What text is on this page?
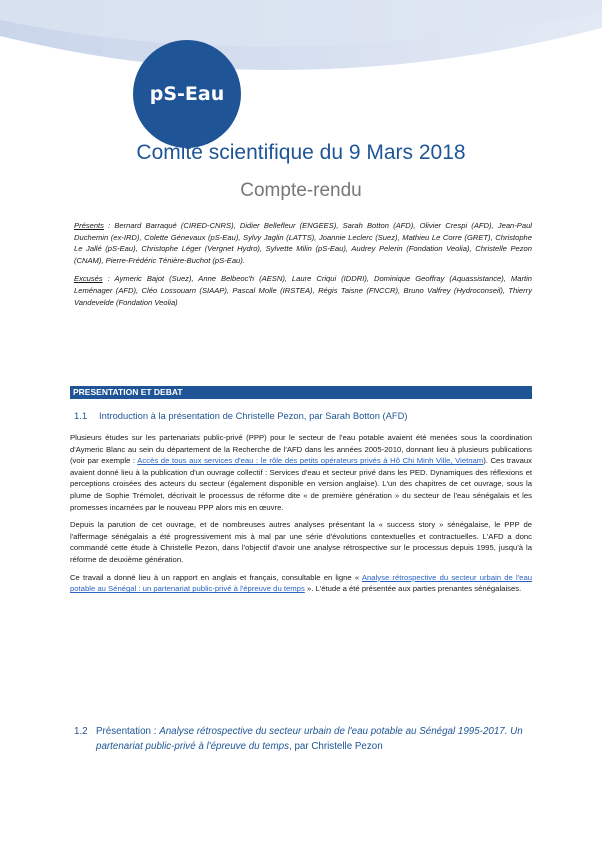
pS-Eau
Comité scientifique du 9 Mars 2018
Compte-rendu

Présents : Bernard Barraqué (CIRED-CNRS), Didier Bellefleur (ENGEES), Sarah Botton (AFD), Olivier Crespi (AFD), Jean-Paul Duchemin (ex-IRD), Colette Génevaux (pS-Eau), Sylvy Jaglin (LATTS), Joannie Leclerc (Suez), Mathieu Le Corre (GRET), Christophe Le Jallé (pS-Eau), Christophe Léger (Vergnet Hydro), Sylvette Milin (pS-Eau), Audrey Pelerin (Fondation Veolia), Christelle Pezon (CNAM), Pierre-Frédéric Ténière-Buchot (pS-Eau).

Excusés : Aymeric Bajot (Suez), Anne Belbeoc'h (AESN), Laure Criqui (IDDRI), Dominique Geoffray (Aquassistance), Martin Leménager (AFD), Cléo Lossouarn (SIAAP), Pascal Molle (IRSTEA), Régis Taisne (FNCCR), Bruno Valfrey (Hydroconseil), Thierry Vandevelde (Fondation Veolia)

PRESENTATION ET DEBAT
1.1 Introduction à la présentation de Christelle Pezon, par Sarah Botton (AFD)

Plusieurs études sur les partenariats public-privé (PPP) pour le secteur de l'eau potable avaient été menées sous la coordination d'Aymeric Blanc au sein du département de la Recherche de l'AFD dans les années 2005-2010, donnant lieu à plusieurs publications (voir par exemple : Accès de tous aux services d'eau : le rôle des petits opérateurs privés à Hô Chi Minh Ville, Vietnam). Ces travaux avaient donné lieu à la publication d'un ouvrage collectif : Services d'eau et secteur privé dans les PED. Dynamiques des réflexions et perceptions croisées des acteurs du secteur (également disponible en version anglaise). L'un des chapitres de cet ouvrage, sous la plume de Sophie Trémolet, décrivait le processus de réforme dite « de première génération » du secteur de l'eau sénégalais et les promesses incarnées par le nouveau PPP alors mis en œuvre.

Depuis la parution de cet ouvrage, et de nombreuses autres analyses présentant la « success story » sénégalaise, le PPP de l'affermage sénégalais a été progressivement mis à mal par une série d'évolutions contextuelles et contractuelles. L'AFD a donc commandé cette étude à Christelle Pezon, dans l'objectif d'avoir une analyse rétrospective sur le processus depuis 1995, jusqu'à la réforme de deuxième génération.

Ce travail a donné lieu à un rapport en anglais et français, consultable en ligne « Analyse rétrospective du secteur urbain de l'eau potable au Sénégal : un partenariat public-privé à l'épreuve du temps ». L'étude a été présentée aux parties prenantes sénégalaises.

1.2 Présentation : Analyse rétrospective du secteur urbain de l'eau potable au Sénégal 1995-2017. Un partenariat public-privé à l'épreuve du temps, par Christelle Pezon
